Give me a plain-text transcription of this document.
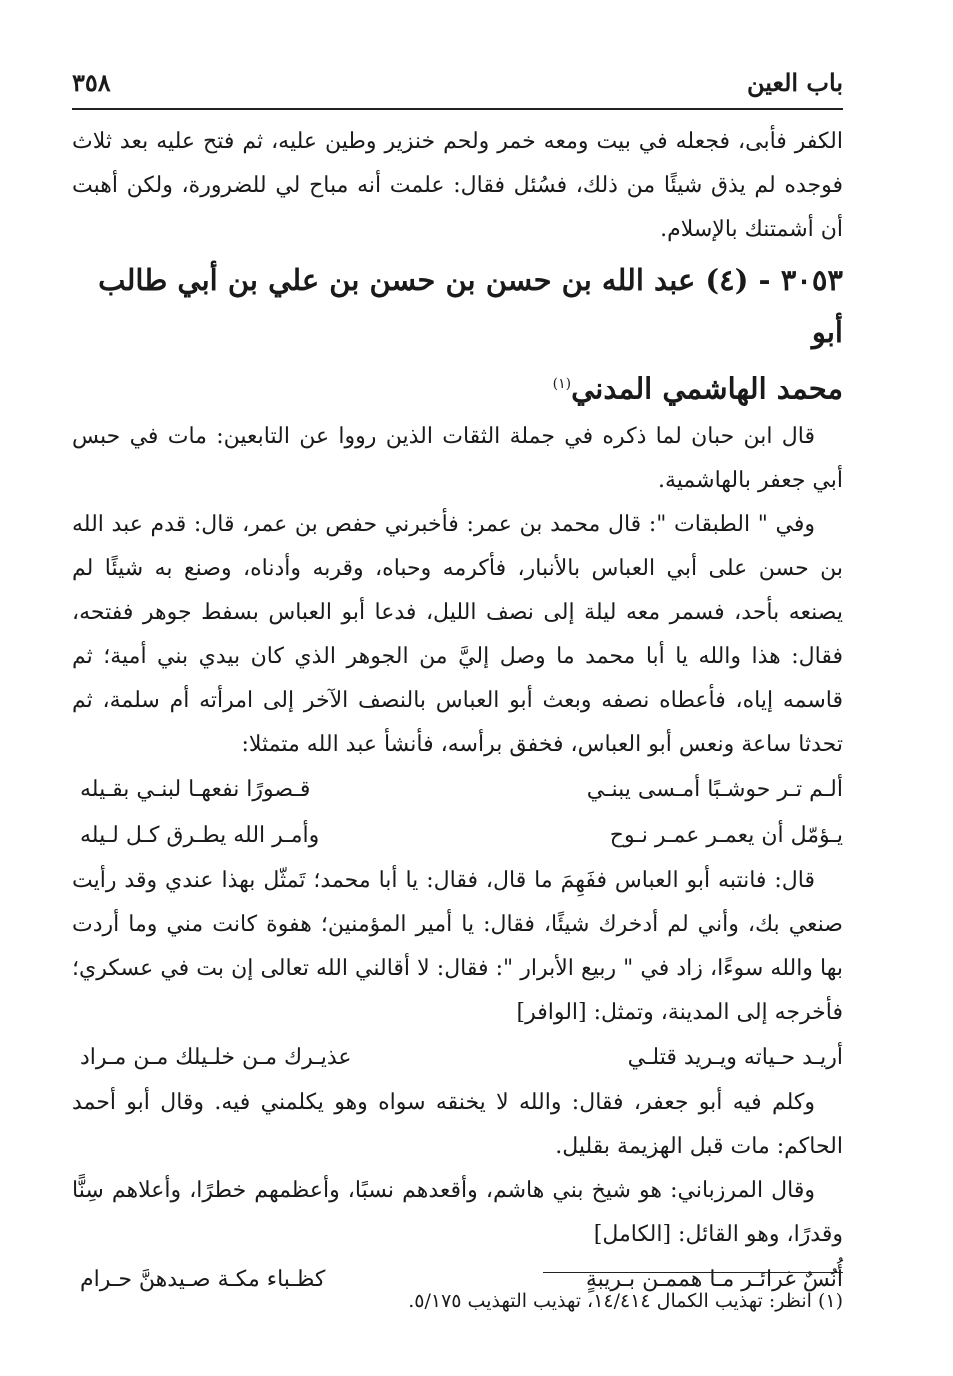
باب العين
٣٥٨

الكفر فأبى، فجعله في بيت ومعه خمر ولحم خنزير وطين عليه، ثم فتح عليه بعد ثلاث فوجده لم يذق شيئًا من ذلك، فسُئل فقال: علمت أنه مباح لي للضرورة، ولكن أهبت أن أشمتنك بالإسلام.

٣٠٥٣ - (٤) عبد الله بن حسن بن حسن بن علي بن أبي طالب أبو
محمد الهاشمي المدني$^{(١)}$

قال ابن حبان لما ذكره في جملة الثقات الذين رووا عن التابعين: مات في حبس أبي جعفر بالهاشمية.

وفي " الطبقات ": قال محمد بن عمر: فأخبرني حفص بن عمر، قال: قدم عبد الله بن حسن على أبي العباس بالأنبار، فأكرمه وحباه، وقربه وأدناه، وصنع به شيئًا لم يصنعه بأحد، فسمر معه ليلة إلى نصف الليل، فدعا أبو العباس بسفط جوهر ففتحه، فقال: هذا والله يا أبا محمد ما وصل إليَّ من الجوهر الذي كان بيدي بني أمية؛ ثم قاسمه إياه، فأعطاه نصفه وبعث أبو العباس بالنصف الآخر إلى امرأته أم سلمة، ثم تحدثا ساعة ونعس أبو العباس، فخفق برأسه، فأنشأ عبد الله متمثلا:

ألـم تـر حوشـبًا أمـسى يبنـي
قـصورًا نفعهـا لبنـي بقـيله
يـؤمّل أن يعمـر عمـر نـوح
وأمـر الله يطـرق كـل لـيله

قال: فانتبه أبو العباس ففَهِمَ ما قال، فقال: يا أبا محمد؛ تَمثّل بهذا عندي وقد رأيت صنعي بك، وأني لم أدخرك شيئًا، فقال: يا أمير المؤمنين؛ هفوة كانت مني وما أردت بها والله سوءًا، زاد في " ربيع الأبرار ": فقال: لا أقالني الله تعالى إن بت في عسكري؛ فأخرجه إلى المدينة، وتمثل: [الوافر]

أريـد حـياته ويـريد قتلـي
عذيـرك مـن خلـيلك مـن مـراد

وكلم فيه أبو جعفر، فقال: والله لا يخنقه سواه وهو يكلمني فيه. وقال أبو أحمد الحاكم: مات قبل الهزيمة بقليل.

وقال المرزباني: هو شيخ بني هاشم، وأقعدهم نسبًا، وأعظمهم خطرًا، وأعلاهم سِنًّا وقدرًا، وهو القائل: [الكامل]

أُنُسٌ غرائـر مـا هممـن بـريبةٍ
كظـباء مكـة صـيدهنَّ حـرام
(١) انظر: تهذيب الكمال ١٤/٤١٤، تهذيب التهذيب ٥/١٧٥.
